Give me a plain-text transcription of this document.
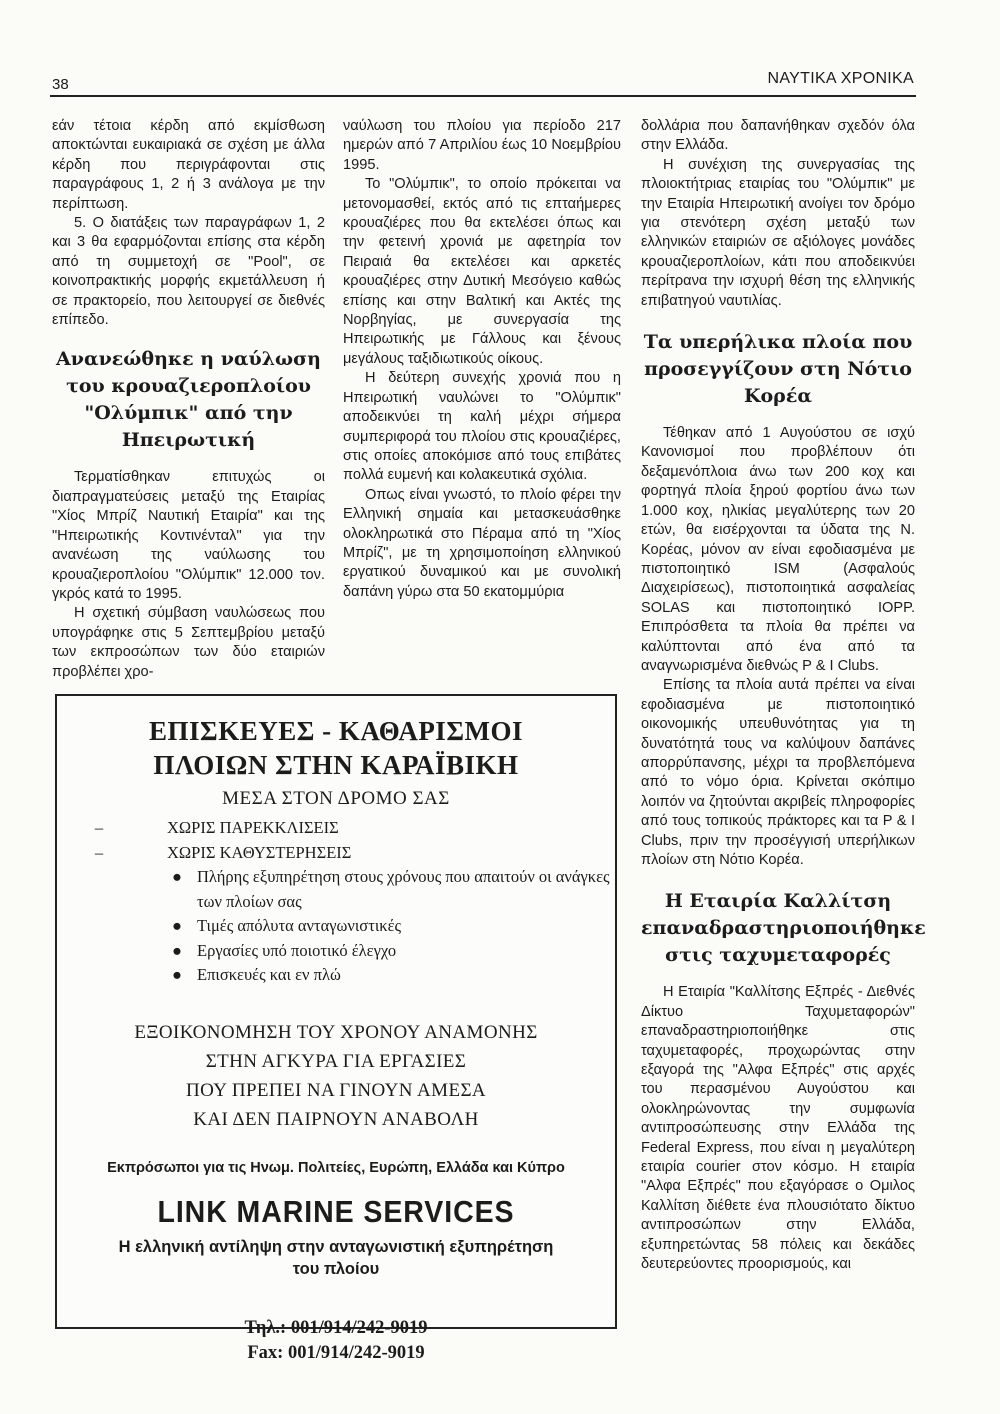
38	ΝΑΥΤΙΚΑ ΧΡΟΝΙΚΑ

εάν τέτοια κέρδη από εκμίσθωση αποκτώνται ευκαιριακά σε σχέση με άλλα κέρδη που περιγράφονται στις παραγράφους 1, 2 ή 3 ανάλογα με την περίπτωση.

5. Ο διατάξεις των παραγράφων 1, 2 και 3 θα εφαρμόζονται επίσης στα κέρδη από τη συμμετοχή σε "Pool", σε κοινοπρακτικής μορφής εκμετάλλευση ή σε πρακτορείο, που λειτουργεί σε διεθνές επίπεδο.

Ανανεώθηκε η ναύλωση του κρουαζιεροπλοίου "Ολύμπικ" από την Ηπειρωτική

Τερματίσθηκαν επιτυχώς οι διαπραγματεύσεις μεταξύ της Εταιρίας "Χίος Μπρίζ Ναυτική Εταιρία" και της "Ηπειρωτικής Κοντινένταλ" για την ανανέωση της ναύλωσης του κρουαζιεροπλοίου "Ολύμπικ" 12.000 τον. γκρός κατά το 1995.

Η σχετική σύμβαση ναυλώσεως που υπογράφηκε στις 5 Σεπτεμβρίου μεταξύ των εκπροσώπων των δύο εταιριών προβλέπει χρο-

ναύλωση του πλοίου για περίοδο 217 ημερών από 7 Απριλίου έως 10 Νοεμβρίου 1995.

Το "Ολύμπικ", το οποίο πρόκειται να μετονομασθεί, εκτός από τις επταήμερες κρουαζιέρες που θα εκτελέσει όπως και την φετεινή χρονιά με αφετηρία τον Πειραιά θα εκτελέσει και αρκετές κρουαζιέρες στην Δυτική Μεσόγειο καθώς επίσης και στην Βαλτική και Ακτές της Νορβηγίας, με συνεργασία της Ηπειρωτικής με Γάλλους και ξένους μεγάλους ταξιδιωτικούς οίκους.

Η δεύτερη συνεχής χρονιά που η Ηπειρωτική ναυλώνει το "Ολύμπικ" αποδεικνύει τη καλή μέχρι σήμερα συμπεριφορά του πλοίου στις κρουαζιέρες, στις οποίες αποκόμισε από τους επιβάτες πολλά ευμενή και κολακευτικά σχόλια.

Οπως είναι γνωστό, το πλοίο φέρει την Ελληνική σημαία και μετασκευάσθηκε ολοκληρωτικά στο Πέραμα από τη "Χίος Μπρίζ", με τη χρησιμοποίηση ελληνικού εργατικού δυναμικού και με συνολική δαπάνη γύρω στα 50 εκατομμύρια

δολλάρια που δαπανήθηκαν σχεδόν όλα στην Ελλάδα.

Η συνέχιση της συνεργασίας της πλοιοκτήτριας εταιρίας του "Ολύμπικ" με την Εταιρία Ηπειρωτική ανοίγει τον δρόμο για στενότερη σχέση μεταξύ των ελληνικών εταιριών σε αξιόλογες μονάδες κρουαζιεροπλοίων, κάτι που αποδεικνύει περίτρανα την ισχυρή θέση της ελληνικής επιβατηγού ναυτιλίας.

Τα υπερήλικα πλοία που προσεγγίζουν στη Νότιο Κορέα

Τέθηκαν από 1 Αυγούστου σε ισχύ Κανονισμοί που προβλέπουν ότι δεξαμενόπλοια άνω των 200 κοχ και φορτηγά πλοία ξηρού φορτίου άνω των 1.000 κοχ, ηλικίας μεγαλύτερης των 20 ετών, θα εισέρχονται τα ύδατα της Ν. Κορέας, μόνον αν είναι εφοδιασμένα με πιστοποιητικό ISM (Ασφαλούς Διαχειρίσεως), πιστοποιητικά ασφαλείας SOLAS και πιστοποιητικό IOPP. Επιπρόσθετα τα πλοία θα πρέπει να καλύπτονται από ένα από τα αναγνωρισμένα διεθνώς P & I Clubs.

Επίσης τα πλοία αυτά πρέπει να είναι εφοδιασμένα με πιστοποιητικό οικονομικής υπευθυνότητας για τη δυνατότητά τους να καλύψουν δαπάνες απορρύπανσης, μέχρι τα προβλεπόμενα από το νόμο όρια. Κρίνεται σκόπιμο λοιπόν να ζητούνται ακριβείς πληροφορίες από τους τοπικούς πράκτορες και τα P & I Clubs, πριν την προσέγγισή υπερήλικων πλοίων στη Νότιο Κορέα.

Η Εταιρία Καλλίτση επαναδραστηριοποιήθηκε στις ταχυμεταφορές

Η Εταιρία "Καλλίτσης Εξπρές - Διεθνές Δίκτυο Ταχυμεταφορών" επαναδραστηριοποιήθηκε στις ταχυμεταφορές, προχωρώντας στην εξαγορά της "Αλφα Εξπρές" στις αρχές του περασμένου Αυγούστου και ολοκληρώνοντας την συμφωνία αντιπροσώπευσης στην Ελλάδα της Federal Express, που είναι η μεγαλύτερη εταιρία courier στον κόσμο. Η εταιρία "Αλφα Εξπρές" που εξαγόρασε ο Ομιλος Καλλίτση διέθετε ένα πλουσιότατο δίκτυο αντιπροσώπων στην Ελλάδα, εξυπηρετώντας 58 πόλεις και δεκάδες δευτερεύοντες προορισμούς, και

ΕΠΙΣΚΕΥΕΣ - ΚΑΘΑΡΙΣΜΟΙ
ΠΛΟΙΩΝ ΣΤΗΝ ΚΑΡΑΪΒΙΚΗ
ΜΕΣΑ ΣΤΟΝ ΔΡΟΜΟ ΣΑΣ
–	ΧΩΡΙΣ ΠΑΡΕΚΚΛΙΣΕΙΣ
–	ΧΩΡΙΣ ΚΑΘΥΣΤΕΡΗΣΕΙΣ
● Πλήρης εξυπηρέτηση στους χρόνους που απαιτούν οι ανάγκες των πλοίων σας
● Τιμές απόλυτα ανταγωνιστικές
● Εργασίες υπό ποιοτικό έλεγχο
● Επισκευές και εν πλώ
ΕΞΟΙΚΟΝΟΜΗΣΗ ΤΟΥ ΧΡΟΝΟΥ ΑΝΑΜΟΝΗΣ
ΣΤΗΝ ΑΓΚΥΡΑ ΓΙΑ ΕΡΓΑΣΙΕΣ
ΠΟΥ ΠΡΕΠΕΙ ΝΑ ΓΙΝΟΥΝ ΑΜΕΣΑ
ΚΑΙ ΔΕΝ ΠΑΙΡΝΟΥΝ ΑΝΑΒΟΛΗ
Εκπρόσωποι για τις Ηνωμ. Πολιτείες, Ευρώπη, Ελλάδα και Κύπρο
LINK MARINE SERVICES
Η ελληνική αντίληψη στην ανταγωνιστική εξυπηρέτηση
του πλοίου
Τηλ.: 001/914/242-9019
Fax: 001/914/242-9019
